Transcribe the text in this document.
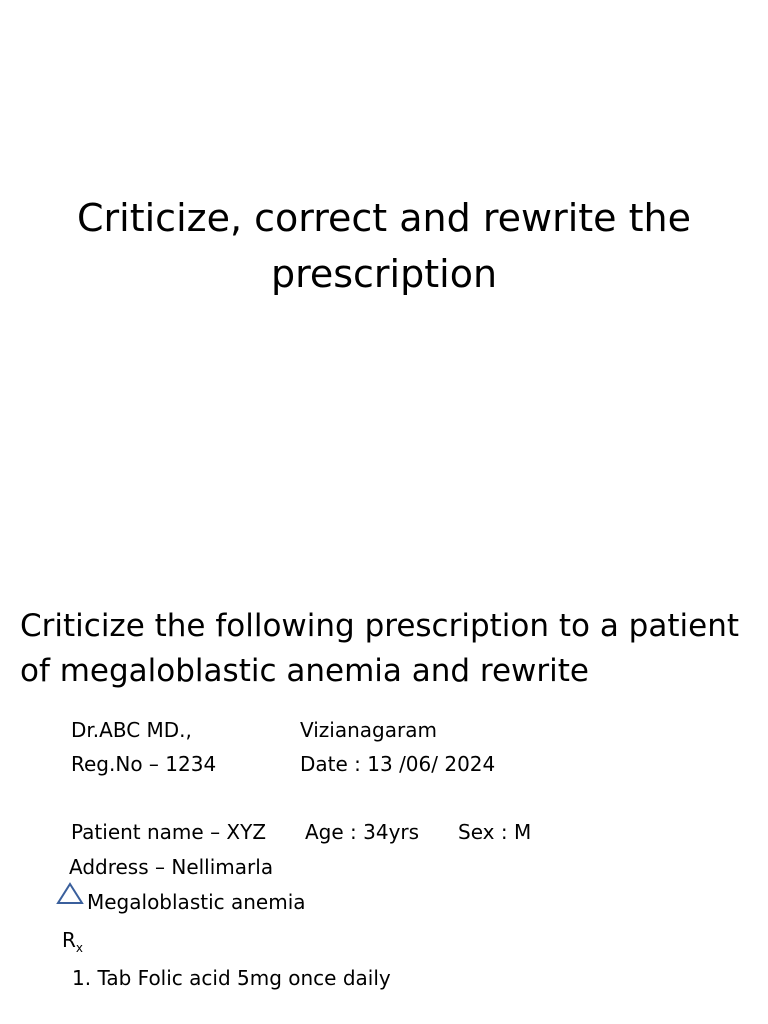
Criticize, correct and rewrite the prescription
Criticize the following prescription to a patient of megaloblastic anemia and rewrite
Dr.ABC MD.,	Vizianagaram
Reg.No – 1234	Date : 13 /06/ 2024
Patient name – XYZ Age : 34yrs Sex : M
Address – Nellimarla
Megaloblastic anemia
$R_x$
1. Tab Folic acid 5mg once daily
